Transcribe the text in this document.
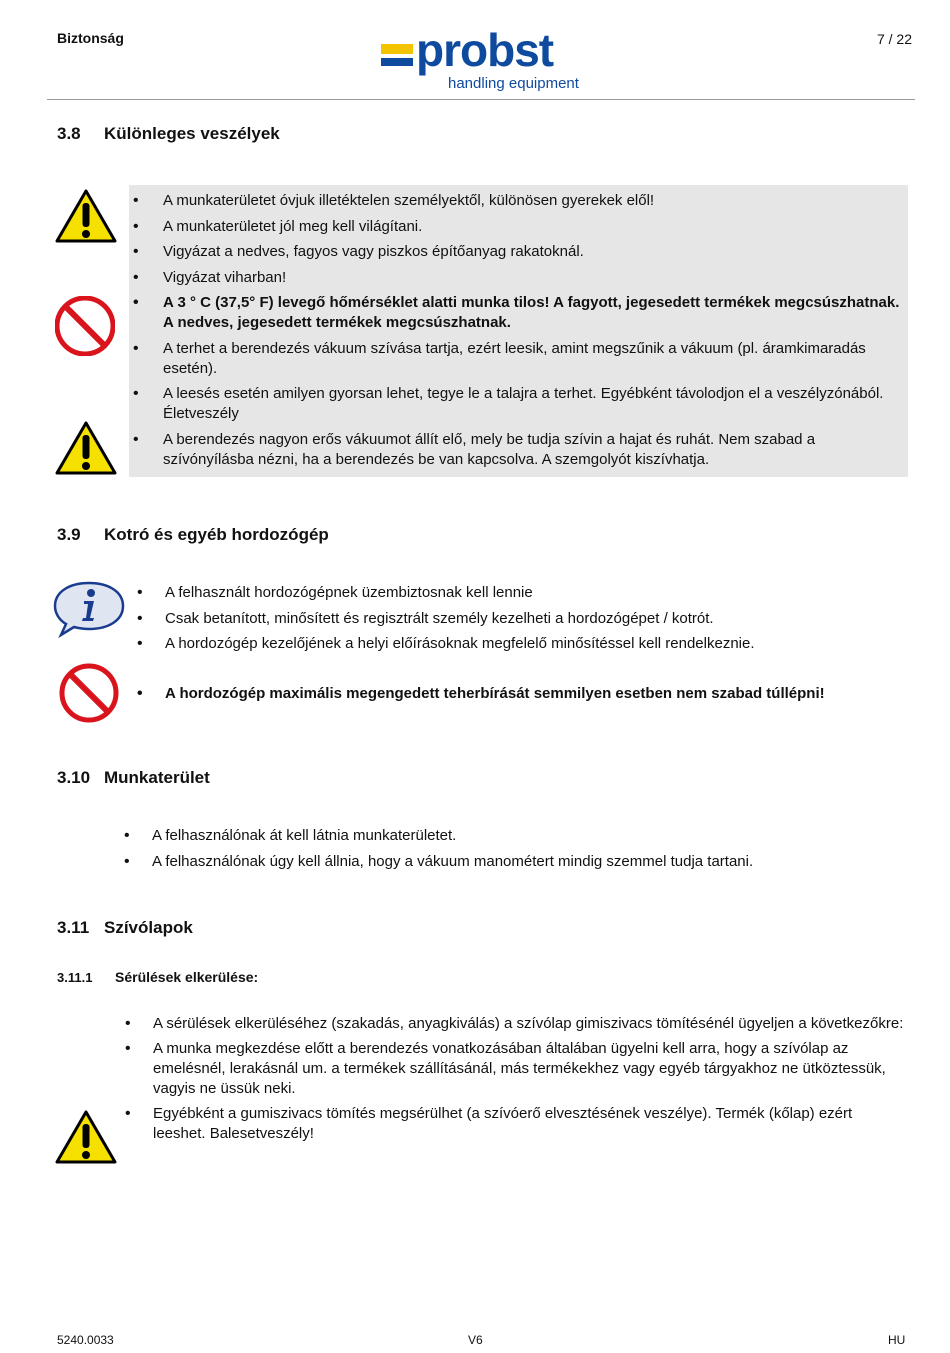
Biztonság	probst
handling equipment
7 / 22
3.8 Különleges veszélyek
• A munkaterületet óvjuk illetéktelen személyektől, különösen gyerekek elől!
• A munkaterületet jól meg kell világítani.
• Vigyázat a nedves, fagyos vagy piszkos építőanyag rakatoknál.
• Vigyázat viharban!
• A 3 ° C (37,5° F) levegő hőmérséklet alatti munka tilos! A fagyott, jegesedett termékek megcsúszhatnak. A nedves, jegesedett termékek megcsúszhatnak.
• A terhet a berendezés vákuum szívása tartja, ezért leesik, amint megszűnik a vákuum (pl. áramkimaradás esetén).
• A leesés esetén amilyen gyorsan lehet, tegye le a talajra a terhet. Egyébként távolodjon el a veszélyzónából. Életveszély
• A berendezés nagyon erős vákuumot állít elő, mely be tudja szívin a hajat és ruhát. Nem szabad a szívónyílásba nézni, ha a berendezés be van kapcsolva. A szemgolyót kiszívhatja.
3.9 Kotró és egyéb hordozógép
• A felhasznált hordozógépnek üzembiztosnak kell lennie
• Csak betanított, minősített és regisztrált személy kezelheti a hordozógépet / kotrót.
• A hordozógép kezelőjének a helyi előírásoknak megfelelő minősítéssel kell rendelkeznie.
• A hordozógép maximális megengedett teherbírását semmilyen esetben nem szabad túllépni!
3.10 Munkaterület
• A felhasználónak át kell látnia munkaterületet.
• A felhasználónak úgy kell állnia, hogy a vákuum manométert mindig szemmel tudja tartani.
3.11 Szívólapok
3.11.1 Sérülések elkerülése:
• A sérülések elkerüléséhez (szakadás, anyagkiválás) a szívólap gimiszivacs tömítésénél ügyeljen a következőkre:
• A munka megkezdése előtt a berendezés vonatkozásában általában ügyelni kell arra, hogy a szívólap az emelésnél, lerakásnál um. a termékek szállításánál, más termékekhez vagy egyéb tárgyakhoz ne ütköztessük, vagyis ne üssük neki.
• Egyébként a gumiszivacs tömítés megsérülhet (a szívóerő elvesztésének veszélye). Termék (kőlap) ezért leeshet. Balesetveszély!
5240.0033	V6	HU
